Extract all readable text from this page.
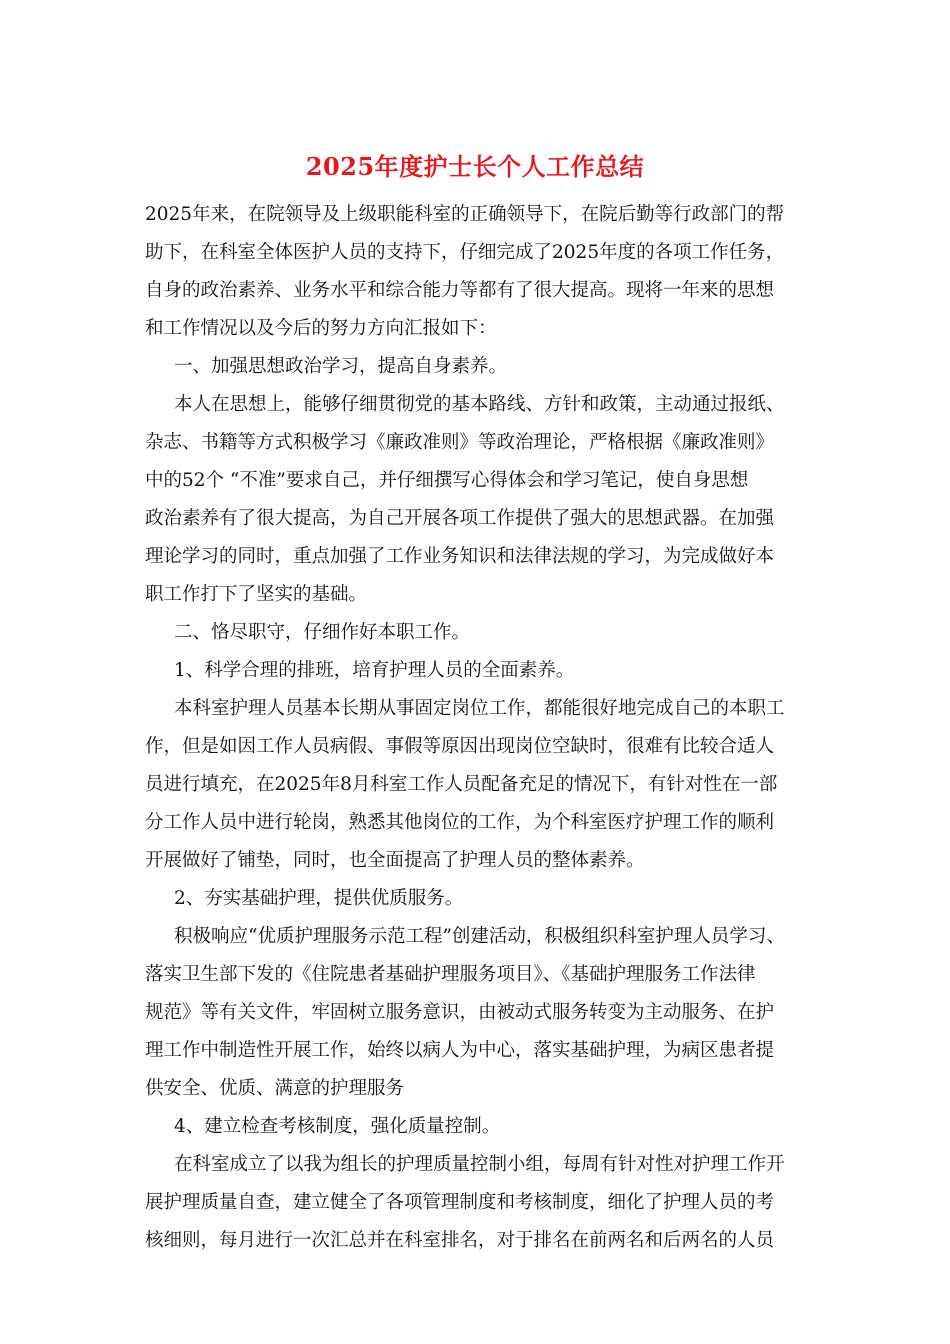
2025年度护士长个人工作总结
2025年来，在院领导及上级职能科室的正确领导下，在院后勤等行政部门的帮
助下，在科室全体医护人员的支持下，仔细完成了2025年度的各项工作任务，
自身的政治素养、业务水平和综合能力等都有了很大提高。现将一年来的思想
和工作情况以及今后的努力方向汇报如下：
一、加强思想政治学习，提高自身素养。
本人在思想上，能够仔细贯彻党的基本路线、方针和政策，主动通过报纸、
杂志、书籍等方式积极学习《廉政准则》等政治理论，严格根据《廉政准则》
中的52个 “不准”要求自己，并仔细撰写心得体会和学习笔记，使自身思想
政治素养有了很大提高，为自己开展各项工作提供了强大的思想武器。在加强
理论学习的同时，重点加强了工作业务知识和法律法规的学习，为完成做好本
职工作打下了坚实的基础。
二、恪尽职守，仔细作好本职工作。
1、科学合理的排班，培育护理人员的全面素养。
本科室护理人员基本长期从事固定岗位工作，都能很好地完成自己的本职工
作，但是如因工作人员病假、事假等原因出现岗位空缺时，很难有比较合适人
员进行填充，在2025年8月科室工作人员配备充足的情况下，有针对性在一部
分工作人员中进行轮岗，熟悉其他岗位的工作，为个科室医疗护理工作的顺利
开展做好了铺垫，同时，也全面提高了护理人员的整体素养。
2、夯实基础护理，提供优质服务。
积极响应“优质护理服务示范工程”创建活动，积极组织科室护理人员学习、
落实卫生部下发的《住院患者基础护理服务项目》、《基础护理服务工作法律
规范》等有关文件，牢固树立服务意识，由被动式服务转变为主动服务、在护
理工作中制造性开展工作，始终以病人为中心，落实基础护理，为病区患者提
供安全、优质、满意的护理服务
4、建立检查考核制度，强化质量控制。
在科室成立了以我为组长的护理质量控制小组，每周有针对性对护理工作开
展护理质量自查，建立健全了各项管理制度和考核制度，细化了护理人员的考
核细则，每月进行一次汇总并在科室排名，对于排名在前两名和后两名的人员
